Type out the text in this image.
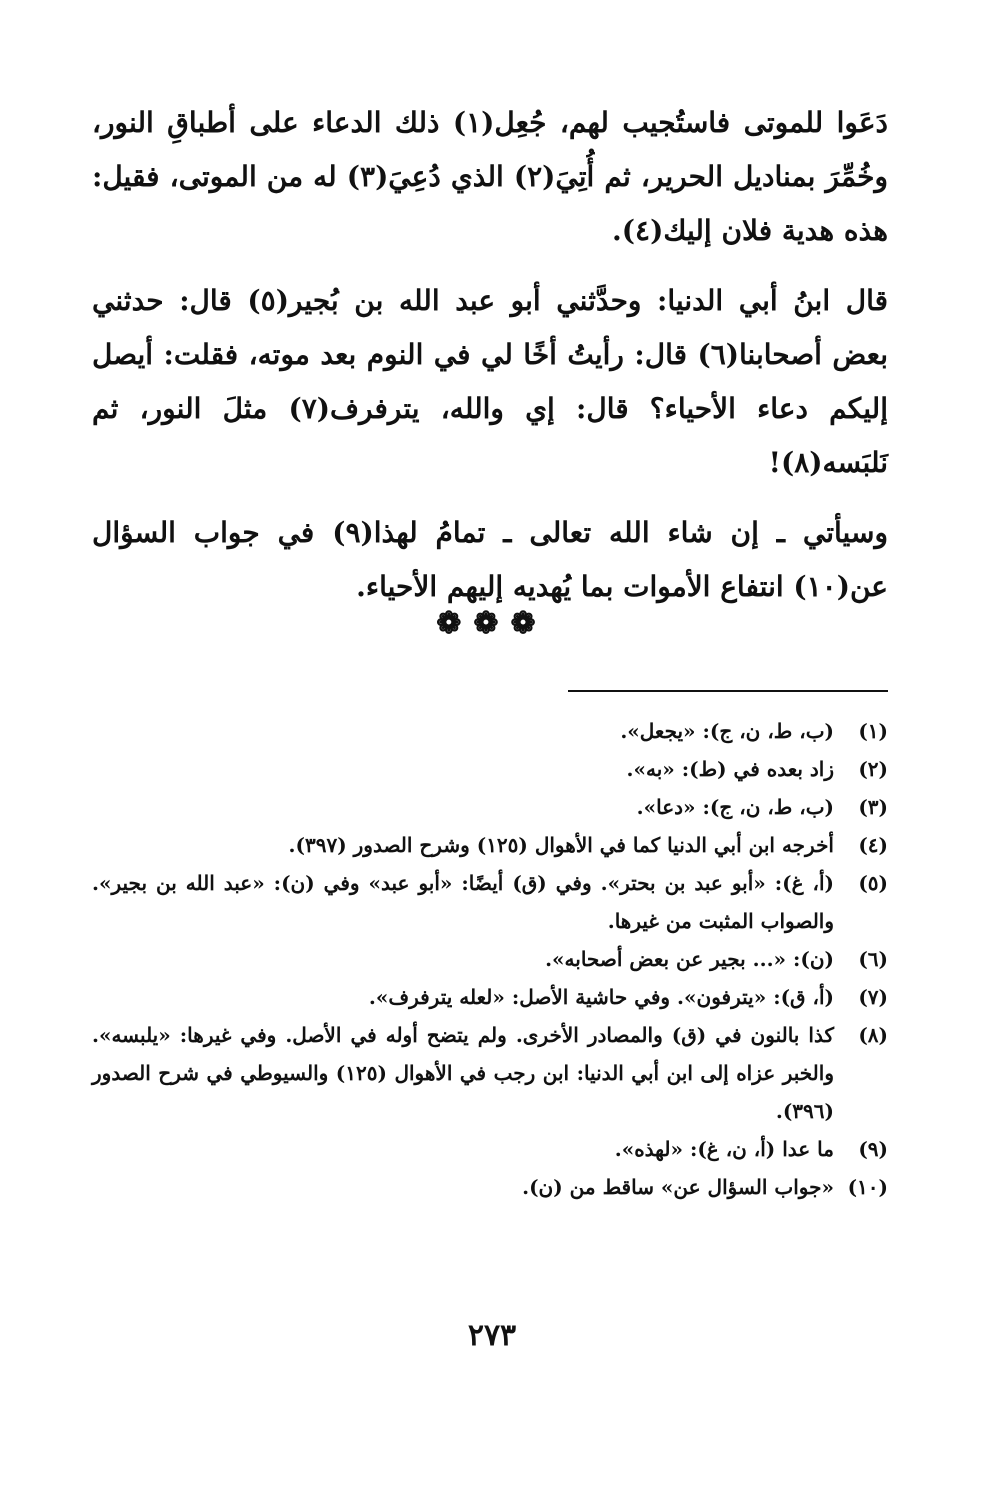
دَعَوا للموتى فاستُجيب لهم، جُعِل(١) ذلك الدعاء على أطباقِ النور، وخُمِّرَ بمناديل الحرير، ثم أُتِيَ(٢) الذي دُعِيَ(٣) له من الموتى، فقيل: هذه هدية فلان إليك(٤).

قال ابنُ أبي الدنيا: وحدَّثني أبو عبد الله بن بُجير(٥) قال: حدثني بعض أصحابنا(٦) قال: رأيتُ أخًا لي في النوم بعد موته، فقلت: أيصل إليكم دعاء الأحياء؟ قال: إي والله، يترفرف(٧) مثلَ النور، ثم نَلبَسه(٨)!

وسيأتي ـ إن شاء الله تعالى ـ تمامُ لهذا(٩) في جواب السؤال عن(١٠) انتفاع الأموات بما يُهديه إليهم الأحياء.

❁❁❁
(١)
(ب، ط، ن، ج): «يجعل».
(٢)
زاد بعده في (ط): «به».
(٣)
(ب، ط، ن، ج): «دعا».
(٤)
أخرجه ابن أبي الدنيا كما في الأهوال (١٢٥) وشرح الصدور (٣٩٧).
(٥)
(أ، غ): «أبو عبد بن بحتر». وفي (ق) أيضًا: «أبو عبد» وفي (ن): «عبد الله بن بجير». والصواب المثبت من غيرها.
(٦)
(ن): «... بجير عن بعض أصحابه».
(٧)
(أ، ق): «يترفون». وفي حاشية الأصل: «لعله يترفرف».
(٨)
كذا بالنون في (ق) والمصادر الأخرى. ولم يتضح أوله في الأصل. وفي غيرها: «يلبسه». والخبر عزاه إلى ابن أبي الدنيا: ابن رجب في الأهوال (١٢٥) والسيوطي في شرح الصدور (٣٩٦).
(٩)
ما عدا (أ، ن، غ): «لهذه».
(١٠)
«جواب السؤال عن» ساقط من (ن).
٢٧٣
